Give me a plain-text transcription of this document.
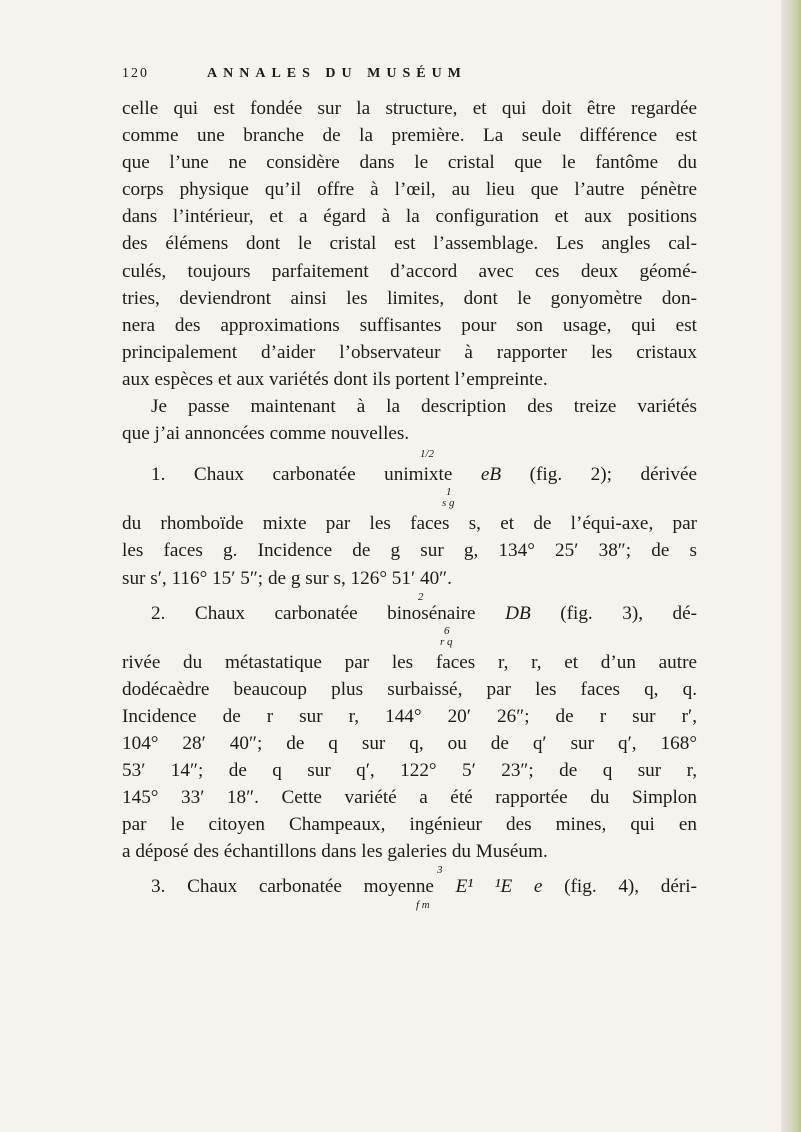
120	ANNALES DU MUSÉUM
celle qui est fondée sur la structure, et qui doit être regardée
comme une branche de la première. La seule différence est
que l’une ne considère dans le cristal que le fantôme du
corps physique qu’il offre à l’œil, au lieu que l’autre pénètre
dans l’intérieur, et a égard à la configuration et aux positions
des élémens dont le cristal est l’assemblage. Les angles cal-
culés, toujours parfaitement d’accord avec ces deux géomé-
tries, deviendront ainsi les limites, dont le gonyomètre don-
nera des approximations suffisantes pour son usage, qui est
principalement d’aider l’observateur à rapporter les cristaux
aux espèces et aux variétés dont ils portent l’empreinte.
Je passe maintenant à la description des treize variétés
que j’ai annoncées comme nouvelles.
1/2
1. Chaux carbonatée unimixte eB (fig. 2); dérivée
1
s g
du rhomboïde mixte par les faces s, et de l’équi-axe, par
les faces g. Incidence de g sur g, 134° 25′ 38″; de s
sur s′, 116° 15′ 5″; de g sur s, 126° 51′ 40″.
2
2. Chaux carbonatée binosénaire DB (fig. 3), dé-
6
r q
rivée du métastatique par les faces r, r, et d’un autre
dodécaèdre beaucoup plus surbaissé, par les faces q, q.
Incidence de r sur r, 144° 20′ 26″; de r sur r′,
104° 28′ 40″; de q sur q, ou de q′ sur q′, 168°
53′ 14″; de q sur q′, 122° 5′ 23″; de q sur r,
145° 33′ 18″. Cette variété a été rapportée du Simplon
par le citoyen Champeaux, ingénieur des mines, qui en
a déposé des échantillons dans les galeries du Muséum.
3
3. Chaux carbonatée moyenne E¹ ¹E e (fig. 4), déri-
f m
